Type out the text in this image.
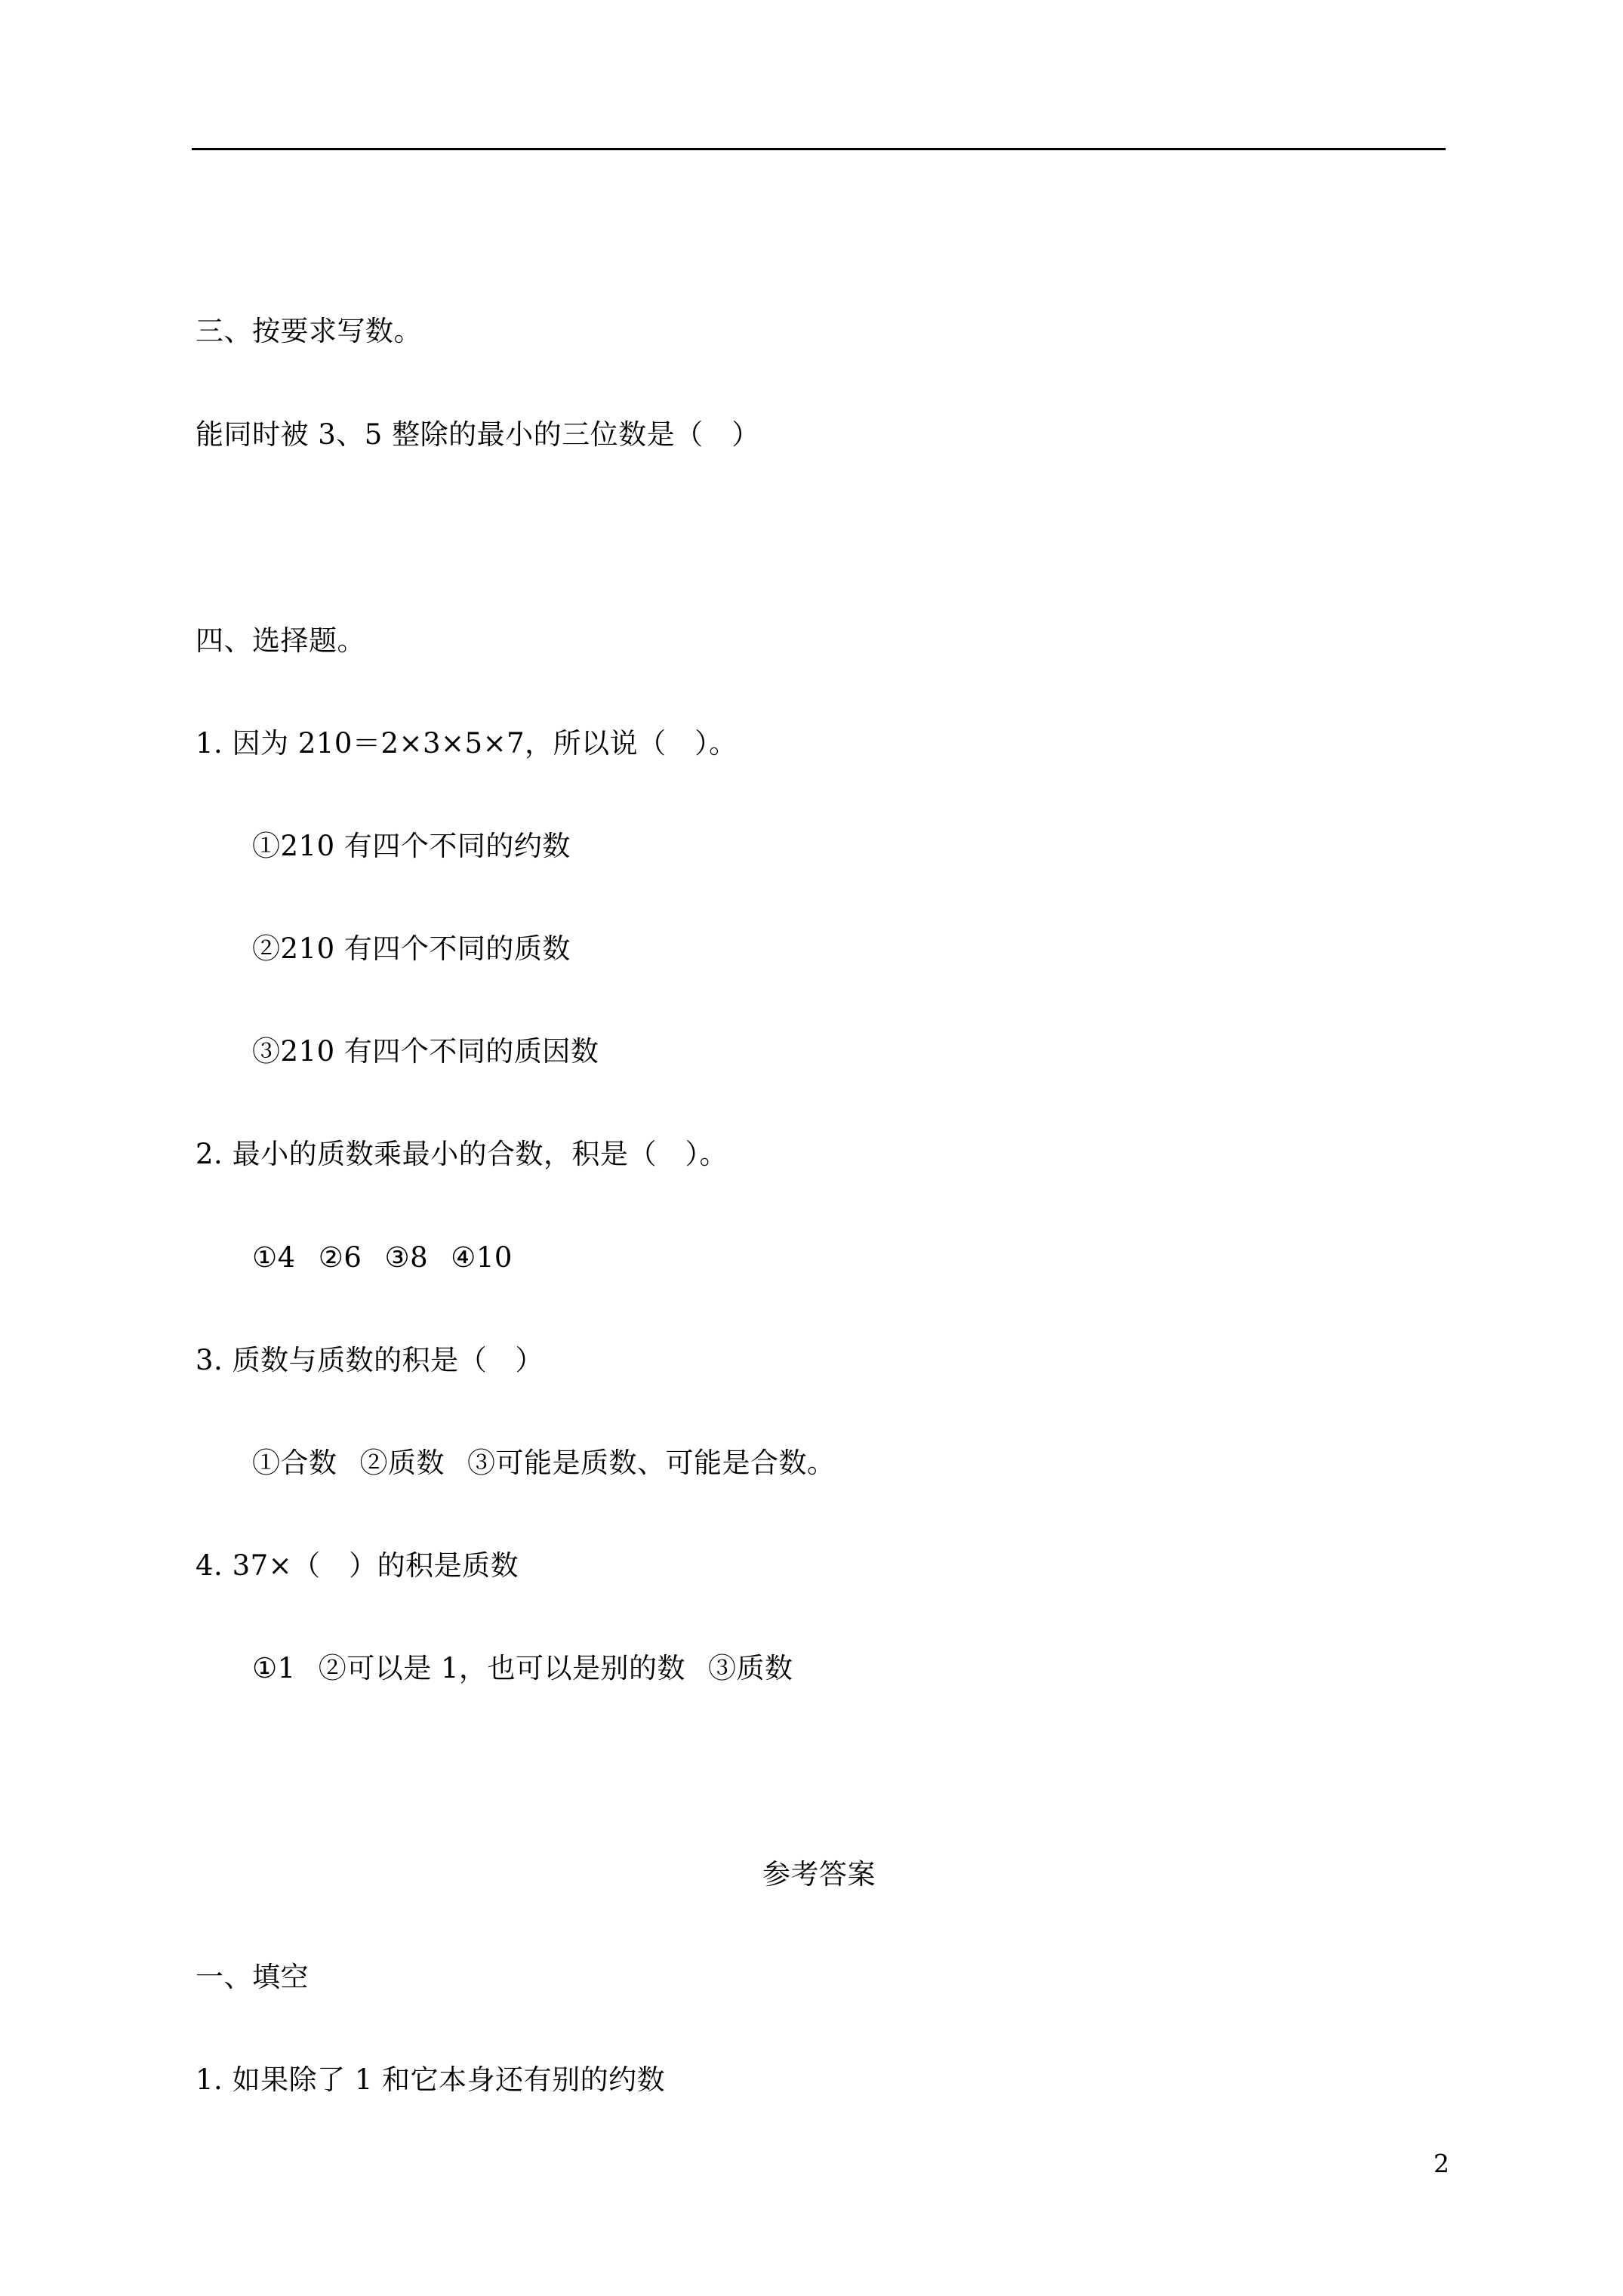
三、按要求写数。
能同时被 3、5 整除的最小的三位数是（　）
四、选择题。
1. 因为 210＝2×3×5×7，所以说（　）。
①210 有四个不同的约数
②210 有四个不同的质数
③210 有四个不同的质因数
2. 最小的质数乘最小的合数，积是（　）。
①4 ②6 ③8 ④10
3. 质数与质数的积是（　）
①合数 ②质数 ③可能是质数、可能是合数。
4. 37×（　）的积是质数
①1 ②可以是 1，也可以是别的数 ③质数
参考答案
一、填空
1. 如果除了 1 和它本身还有别的约数
2
